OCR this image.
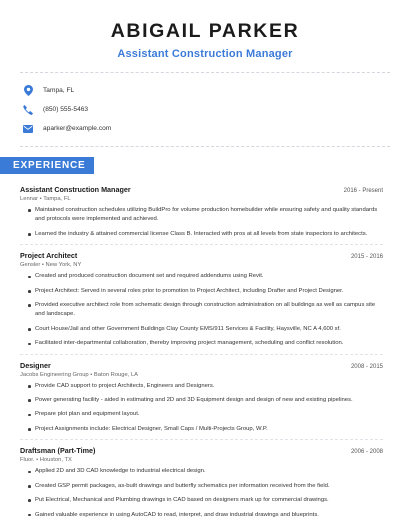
ABIGAIL PARKER
Assistant Construction Manager
Tampa, FL
(850) 555-5463
aparker@example.com
EXPERIENCE
Assistant Construction Manager	2016 - Present
Lennar • Tampa, FL
Maintained construction schedules utilizing BuildPro for volume production homebuilder while ensuring safety and quality standards and protocols were implemented and achieved.
Learned the industry & attained commercial license Class B. Interacted with pros at all levels from state inspectors to architects.
Project Architect	2015 - 2016
Gensler • New York, NY
Created and produced construction document set and required addendums using Revit.
Project Architect: Served in several roles prior to promotion to Project Architect, including Drafter and Project Designer.
Provided executive architect role from schematic design through construction administration on all buildings as well as campus site and landscape.
Court House/Jail and other Government Buildings Clay County EMS/911 Services & Facility, Haysville, NC A 4,600 sf.
Facilitated inter-departmental collaboration, thereby improving project management, scheduling and conflict resolution.
Designer	2008 - 2015
Jacobs Engineering Group • Baton Rouge, LA
Provide CAD support to project Architects, Engineers and Designers.
Power generating facility - aided in estimating and 2D and 3D Equipment design and design of new and existing pipelines.
Prepare plot plan and equipment layout.
Project Assignments include: Electrical Designer, Small Caps / Multi-Projects Group, W.P.
Draftsman (Part-Time)	2006 - 2008
Fluor. • Houston, TX
Applied 2D and 3D CAD knowledge to industrial electrical design.
Created GSP permit packages, as-built drawings and butterfly schematics per information received from the field.
Put Electrical, Mechanical and Plumbing drawings in CAD based on designers mark up for commercial drawings.
Gained valuable experience in using AutoCAD to read, interpret, and draw industrial drawings and blueprints.
